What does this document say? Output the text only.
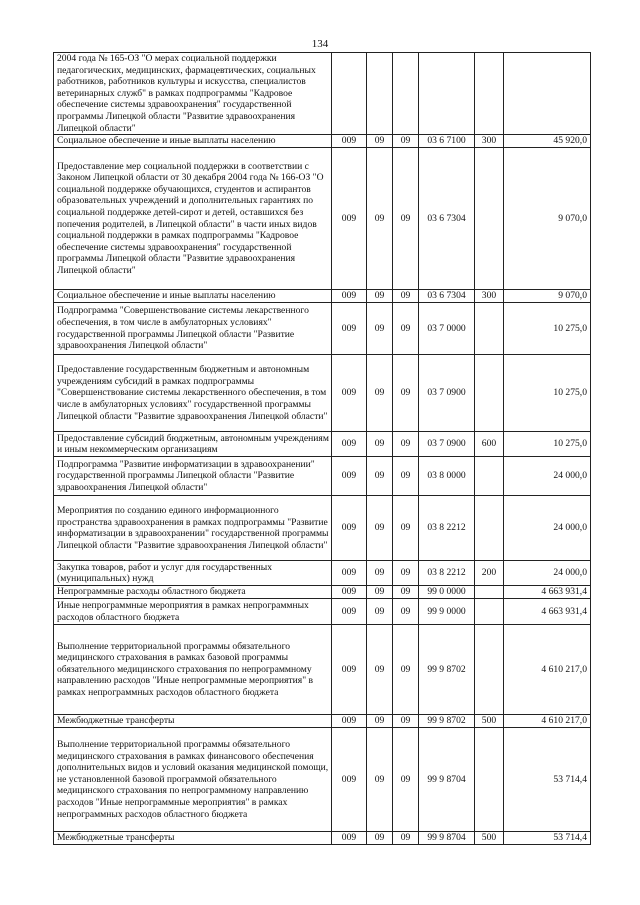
134
2004 года № 165-ОЗ "О мерах социальной поддержки педагогических, медицинских, фармацевтических, социальных работников, работников культуры и искусства, специалистов ветеринарных служб" в рамках подпрограммы "Кадровое обеспечение системы здравоохранения" государственной программы Липецкой области "Развитие здравоохранения Липецкой области"						
Социальное обеспечение и иные выплаты населению	009	09	09	03 6 7100	300	45 920,0
Предоставление мер социальной поддержки в соответствии с Законом Липецкой области от 30 декабря 2004 года № 166-ОЗ "О социальной поддержке обучающихся, студентов и аспирантов образовательных учреждений и дополнительных гарантиях по социальной поддержке детей-сирот и детей, оставшихся без попечения родителей, в Липецкой области" в части иных видов социальной поддержки в рамках подпрограммы "Кадровое обеспечение системы здравоохранения" государственной программы Липецкой области "Развитие здравоохранения Липецкой области"	009	09	09	03 6 7304		9 070,0
Социальное обеспечение и иные выплаты населению	009	09	09	03 6 7304	300	9 070,0
Подпрограмма "Совершенствование системы лекарственного обеспечения, в том числе в амбулаторных условиях" государственной программы Липецкой области "Развитие здравоохранения Липецкой области"	009	09	09	03 7 0000		10 275,0
Предоставление государственным бюджетным и автономным учреждениям субсидий в рамках подпрограммы "Совершенствование системы лекарственного обеспечения, в том числе в амбулаторных условиях" государственной программы Липецкой области "Развитие здравоохранения Липецкой области"	009	09	09	03 7 0900		10 275,0
Предоставление субсидий бюджетным, автономным учреждениям и иным некоммерческим организациям	009	09	09	03 7 0900	600	10 275,0
Подпрограмма "Развитие информатизации в здравоохранении" государственной программы Липецкой области "Развитие здравоохранения Липецкой области"	009	09	09	03 8 0000		24 000,0
Мероприятия по созданию единого информационного пространства здравоохранения в рамках подпрограммы "Развитие информатизации в здравоохранении" государственной программы Липецкой области "Развитие здравоохранения Липецкой области"	009	09	09	03 8 2212		24 000,0
Закупка товаров, работ и услуг для государственных (муниципальных) нужд	009	09	09	03 8 2212	200	24 000,0
Непрограммные расходы областного бюджета	009	09	09	99 0 0000		4 663 931,4
Иные непрограммные мероприятия в рамках непрограммных расходов областного бюджета	009	09	09	99 9 0000		4 663 931,4
Выполнение территориальной программы обязательного медицинского страхования в рамках базовой программы обязательного медицинского страхования по непрограммному направлению расходов "Иные непрограммные мероприятия" в рамках непрограммных расходов областного бюджета	009	09	09	99 9 8702		4 610 217,0
Межбюджетные трансферты	009	09	09	99 9 8702	500	4 610 217,0
Выполнение территориальной программы обязательного медицинского страхования в рамках финансового обеспечения дополнительных видов и условий оказания медицинской помощи, не установленной базовой программой обязательного медицинского страхования по непрограммному направлению расходов "Иные непрограммные мероприятия" в рамках непрограммных расходов областного бюджета	009	09	09	99 9 8704		53 714,4
Межбюджетные трансферты	009	09	09	99 9 8704	500	53 714,4
